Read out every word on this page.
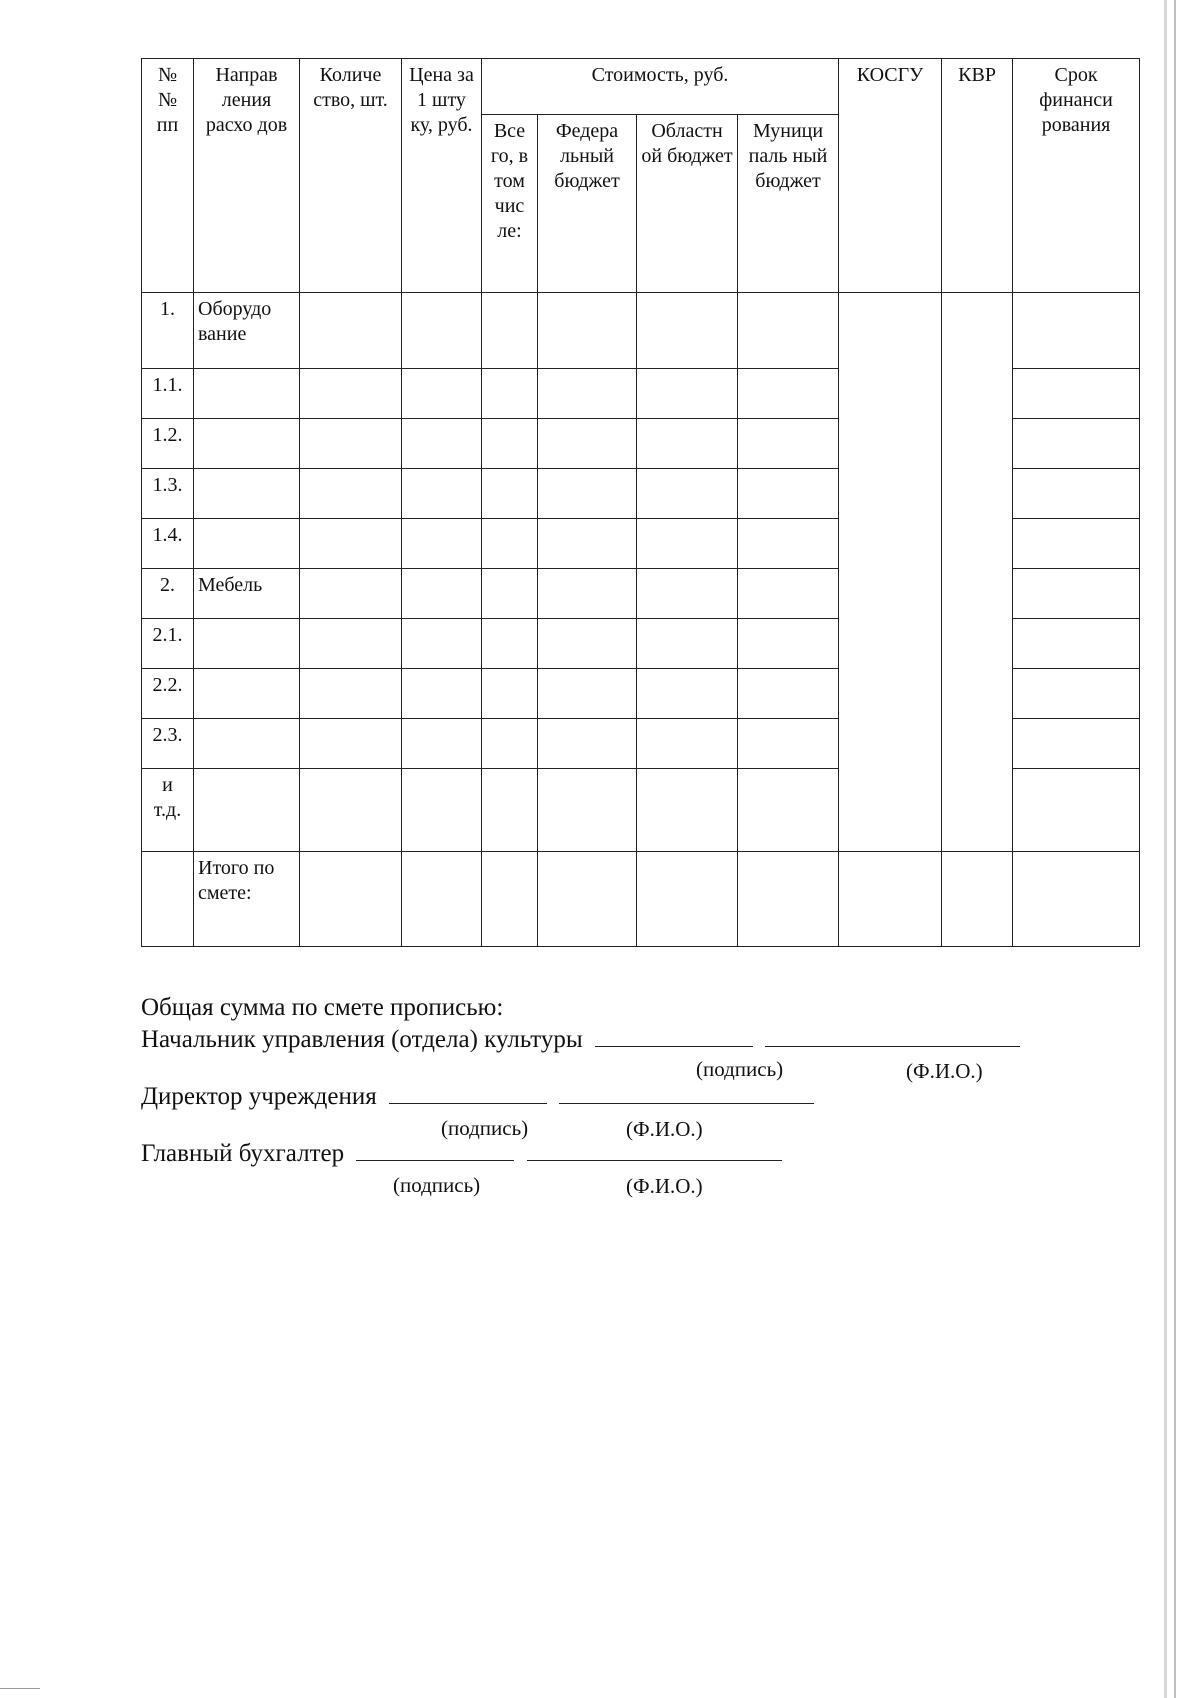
№ № пп	Направ ления расхо дов	Количе ство, шт.	Цена за 1 шту ку, руб.	Стоимость, руб.				КОСГУ	КВР	Срок финанси рования
				Все го, в том чис ле:	Федера льный бюджет	Областн ой бюджет	Муници паль ный бюджет			
1.	Оборудо вание									
1.1.										
1.2.										
1.3.										
1.4.										
2.	Мебель									
2.1.										
2.2.										
2.3.										
и т.д.										
	Итого по смете:									
Общая сумма по смете прописью:
Начальник управления (отдела) культуры
(подпись)	(Ф.И.О.)
Директор учреждения
(подпись)	(Ф.И.О.)
Главный бухгалтер
(подпись)	(Ф.И.О.)
